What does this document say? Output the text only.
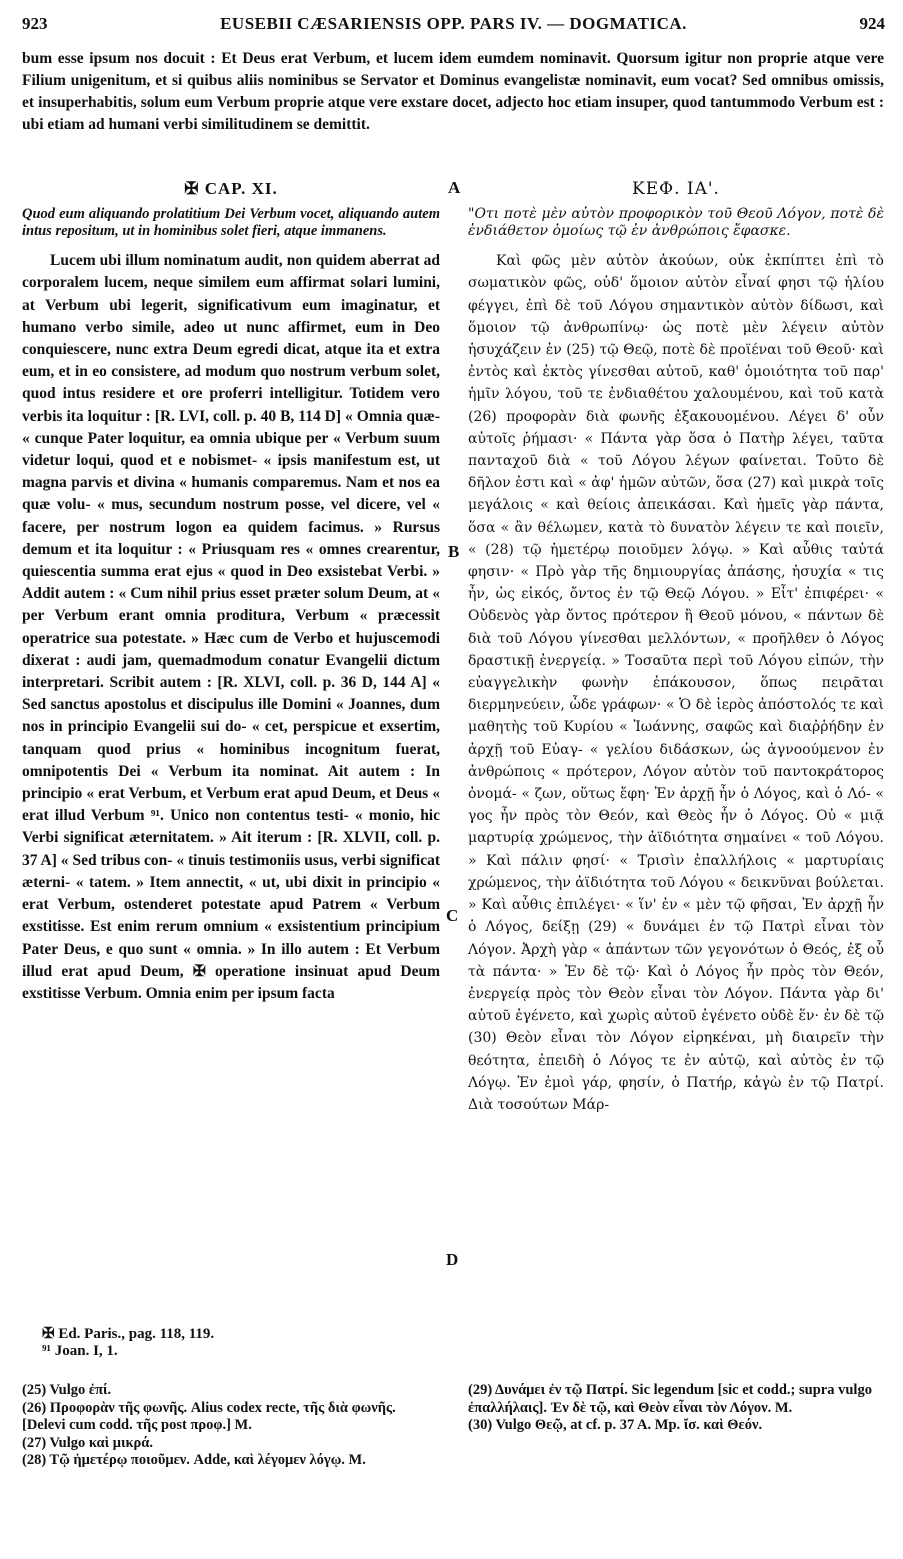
923	EUSEBII CÆSARIENSIS OPP. PARS IV. — DOGMATICA.	924

bum esse ipsum nos docuit : Et Deus erat Verbum, et lucem idem eumdem nominavit. Quorsum igitur non proprie atque vere Filium unigenitum, et si quibus aliis nominibus se Servator et Dominus evangelistæ nominavit, eum vocat? Sed omnibus omissis, et insuperhabitis, solum eum Verbum proprie atque vere exstare docet, adjecto hoc etiam insuper, quod tantummodo Verbum est : ubi etiam ad humani verbi similitudinem se demittit.

A
B
C
D
✠ CAP. XI.
Quod eum aliquando prolatitium Dei Verbum vocet, aliquando autem intus repositum, ut in hominibus solet fieri, atque immanens.

Lucem ubi illum nominatum audit, non quidem aberrat ad corporalem lucem, neque similem eum affirmat solari lumini, at Verbum ubi legerit, significativum eum imaginatur, et humano verbo simile, adeo ut nunc affirmet, eum in Deo conquiescere, nunc extra Deum egredi dicat, atque ita et extra eum, et in eo consistere, ad modum quo nostrum verbum solet, quod intus residere et ore proferri intelligitur. Totidem vero verbis ita loquitur : [R. LVI, coll. p. 40 B, 114 D] « Omnia quæ‑ « cunque Pater loquitur, ea omnia ubique per « Verbum suum videtur loqui, quod et e nobismet‑ « ipsis manifestum est, ut magna parvis et divina « humanis comparemus. Nam et nos ea quæ volu‑ « mus, secundum nostrum posse, vel dicere, vel « facere, per nostrum logon ea quidem facimus. » Rursus demum et ita loquitur : « Priusquam res « omnes crearentur, quiescentia summa erat ejus « quod in Deo exsistebat Verbi. » Addit autem : « Cum nihil prius esset præter solum Deum, at « per Verbum erant omnia proditura, Verbum « præcessit operatrice sua potestate. » Hæc cum de Verbo et hujuscemodi dixerat : audi jam, quemadmodum conatur Evangelii dictum interpretari. Scribit autem : [R. XLVI, coll. p. 36 D, 144 A] « Sed sanctus apostolus et discipulus ille Domini « Joannes, dum nos in principio Evangelii sui do‑ « cet, perspicue et exsertim, tanquam quod prius « hominibus incognitum fuerat, omnipotentis Dei « Verbum ita nominat. Ait autem : In principio « erat Verbum, et Verbum erat apud Deum, et Deus « erat illud Verbum ⁹¹. Unico non contentus testi‑ « monio, hic Verbi significat æternitatem. » Ait iterum : [R. XLVII, coll. p. 37 A] « Sed tribus con‑ « tinuis testimoniis usus, verbi significat æterni‑ « tatem. » Item annectit, « ut, ubi dixit in principio « erat Verbum, ostenderet potestate apud Patrem « Verbum exstitisse. Est enim rerum omnium « exsistentium principium Pater Deus, e quo sunt « omnia. » In illo autem : Et Verbum illud erat apud Deum, ✠ operatione insinuat apud Deum exstitisse Verbum. Omnia enim per ipsum facta

ΚΕΦ. ΙΑ'.
"Οτι ποτὲ μὲν αὐτὸν προφορικὸν τοῦ Θεοῦ Λόγον, ποτὲ δὲ ἐνδιάθετον ὁμοίως τῷ ἐν ἀνθρώποις ἔφασκε.

Καὶ φῶς μὲν αὐτὸν ἀκούων, οὐκ ἐκπίπτει ἐπὶ τὸ σωματικὸν φῶς, οὐδ' ὅμοιον αὐτὸν εἶναί φησι τῷ ἡλίου φέγγει, ἐπὶ δὲ τοῦ Λόγου σημαντικὸν αὐτὸν δίδωσι, καὶ ὅμοιον τῷ ἀνθρωπίνῳ· ὡς ποτὲ μὲν λέγειν αὐτὸν ἡσυχάζειν ἐν (25) τῷ Θεῷ, ποτὲ δὲ προϊέναι τοῦ Θεοῦ· καὶ ἐντὸς καὶ ἐκτὸς γίνεσθαι αὐτοῦ, καθ' ὁμοιότητα τοῦ παρ' ἡμῖν λόγου, τοῦ τε ἐνδιαθέτου χαλουμένου, καὶ τοῦ κατὰ (26) προφορὰν διὰ φωνῆς ἐξακουομένου. Λέγει δ' οὖν αὐτοῖς ῥήμασι· « Πάντα γὰρ ὅσα ὁ Πατὴρ λέγει, ταῦτα πανταχοῦ διὰ « τοῦ Λόγου λέγων φαίνεται. Τοῦτο δὲ δῆλον ἐστι καὶ « ἀφ' ἡμῶν αὐτῶν, ὅσα (27) καὶ μικρὰ τοῖς μεγάλοις « καὶ θείοις ἀπεικάσαι. Καὶ ἡμεῖς γὰρ πάντα, ὅσα « ἂν θέλωμεν, κατὰ τὸ δυνατὸν λέγειν τε καὶ ποιεῖν, « (28) τῷ ἡμετέρῳ ποιοῦμεν λόγῳ. » Καὶ αὖθις ταὐτά φησιν· « Πρὸ γὰρ τῆς δημιουργίας ἁπάσης, ἡσυχία « τις ἦν, ὡς εἰκός, ὄντος ἐν τῷ Θεῷ Λόγου. » Εἶτ' ἐπιφέρει· « Οὐδενὸς γὰρ ὄντος πρότερον ἢ Θεοῦ μόνου, « πάντων δὲ διὰ τοῦ Λόγου γίνεσθαι μελλόντων, « προῆλθεν ὁ Λόγος δραστικῇ ἐνεργείᾳ. » Τοσαῦτα περὶ τοῦ Λόγου εἰπών, τὴν εὐαγγελικὴν φωνὴν ἐπάκουσον, ὅπως πειρᾶται διερμηνεύειν, ὧδε γράφων· « Ὁ δὲ ἱερὸς ἀπόστολός τε καὶ μαθητὴς τοῦ Κυρίου « Ἰωάννης, σαφῶς καὶ διαῤῥήδην ἐν ἀρχῇ τοῦ Εὐαγ‑ « γελίου διδάσκων, ὡς ἀγνοούμενον ἐν ἀνθρώποις « πρότερον, Λόγον αὐτὸν τοῦ παντοκράτορος ὀνομά‑ « ζων, οὕτως ἔφη· Ἐν ἀρχῇ ἦν ὁ Λόγος, καὶ ὁ Λό‑ « γος ἦν πρὸς τὸν Θεόν, καὶ Θεὸς ἦν ὁ Λόγος. Οὐ « μιᾷ μαρτυρίᾳ χρώμενος, τὴν ἀϊδιότητα σημαίνει « τοῦ Λόγου. » Καὶ πάλιν φησί· « Τρισὶν ἐπαλλήλοις « μαρτυρίαις χρώμενος, τὴν ἀϊδιότητα τοῦ Λόγου « δεικνῦναι βούλεται. » Καὶ αὖθις ἐπιλέγει· « ἵν' ἐν « μὲν τῷ φῆσαι, Ἐν ἀρχῇ ἦν ὁ Λόγος, δείξῃ (29) « δυνάμει ἐν τῷ Πατρὶ εἶναι τὸν Λόγον. Ἀρχὴ γὰρ « ἁπάντων τῶν γεγονότων ὁ Θεός, ἐξ οὗ τὰ πάντα· » Ἐν δὲ τῷ· Καὶ ὁ Λόγος ἦν πρὸς τὸν Θεόν, ἐνεργείᾳ πρὸς τὸν Θεὸν εἶναι τὸν Λόγον. Πάντα γὰρ δι' αὐτοῦ ἐγένετο, καὶ χωρὶς αὐτοῦ ἐγένετο οὐδὲ ἕν· ἐν δὲ τῷ (30) Θεὸν εἶναι τὸν Λόγον εἰρηκέναι, μὴ διαιρεῖν τὴν θεότητα, ἐπειδὴ ὁ Λόγος τε ἐν αὐτῷ, καὶ αὐτὸς ἐν τῷ Λόγῳ. Ἐν ἐμοὶ γάρ, φησίν, ὁ Πατήρ, κἀγὼ ἐν τῷ Πατρί. Διὰ τοσούτων Μάρ‑

✠ Ed. Paris., pag. 118, 119.
⁹¹ Joan. I, 1.

(25) Vulgo ἐπί.

(26) Προφορὰν τῆς φωνῆς. Alius codex recte, τῆς διὰ φωνῆς. [Delevi cum codd. τῆς post προφ.] M.

(27) Vulgo καὶ μικρά.

(28) Τῷ ἡμετέρῳ ποιοῦμεν. Adde, καὶ λέγομεν λόγῳ. M.

(29) Δυνάμει ἐν τῷ Πατρί. Sic legendum [sic et codd.; supra vulgo ἐπαλλήλαις]. Ἐν δὲ τῷ, καὶ Θεὸν εἶναι τὸν Λόγον. M.

(30) Vulgo Θεῷ, at cf. p. 37 A. Mp. ἴσ. καὶ Θεόν.
